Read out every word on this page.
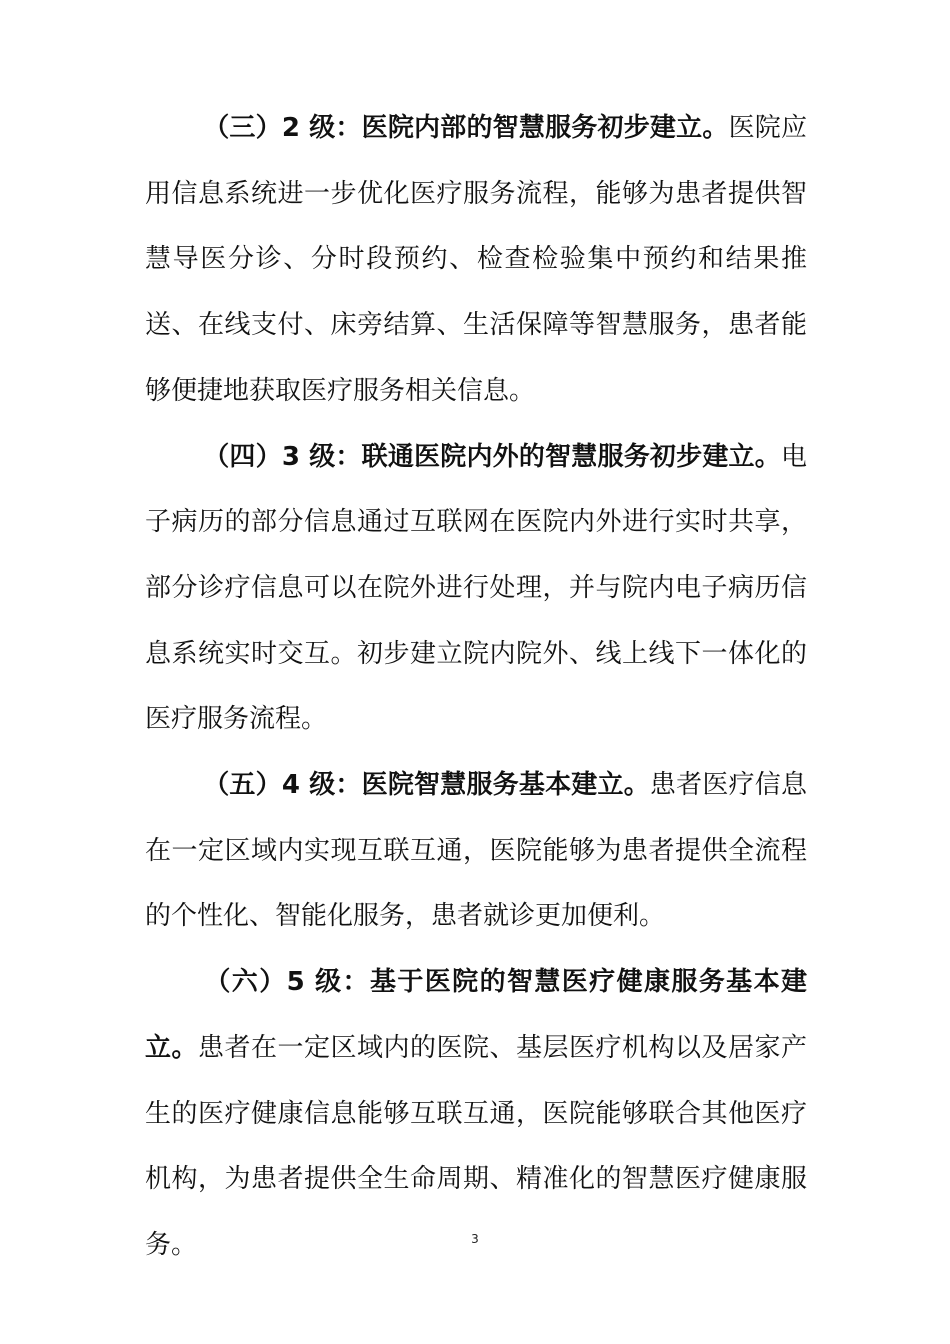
（三）2 级：医院内部的智慧服务初步建立。医院应用信息系统进一步优化医疗服务流程，能够为患者提供智慧导医分诊、分时段预约、检查检验集中预约和结果推送、在线支付、床旁结算、生活保障等智慧服务，患者能够便捷地获取医疗服务相关信息。

（四）3 级：联通医院内外的智慧服务初步建立。电子病历的部分信息通过互联网在医院内外进行实时共享，部分诊疗信息可以在院外进行处理，并与院内电子病历信息系统实时交互。初步建立院内院外、线上线下一体化的医疗服务流程。

（五）4 级：医院智慧服务基本建立。患者医疗信息在一定区域内实现互联互通，医院能够为患者提供全流程的个性化、智能化服务，患者就诊更加便利。

（六）5 级：基于医院的智慧医疗健康服务基本建立。患者在一定区域内的医院、基层医疗机构以及居家产生的医疗健康信息能够互联互通，医院能够联合其他医疗机构，为患者提供全生命周期、精准化的智慧医疗健康服务。	3
